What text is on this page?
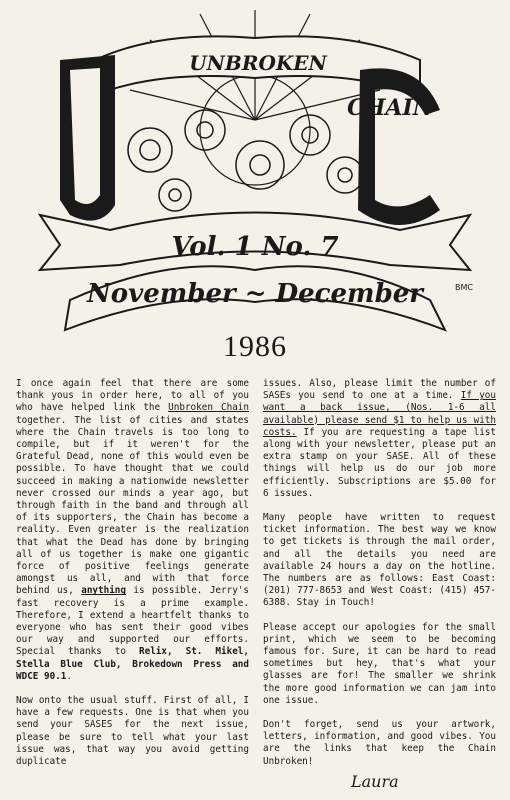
UNBROKEN
CHAIN
Vol. 1 No. 7
November ~ December	BMC
1986

I once again feel that there are some thank yous in order here, to all of you who have helped link the Unbroken Chain together. The list of cities and states where the Chain travels is too long to compile, but if it weren't for the Grateful Dead, none of this would even be possible. To have thought that we could succeed in making a nationwide newsletter never crossed our minds a year ago, but through faith in the band and through all of its supporters, the Chain has become a reality. Even greater is the realization that what the Dead has done by bringing all of us together is make one gigantic force of positive feelings generate amongst us all, and with that force behind us, anything is possible. Jerry's fast recovery is a prime example. Therefore, I extend a heartfelt thanks to everyone who has sent their good vibes our way and supported our efforts. Special thanks to Relix, St. Mikel, Stella Blue Club, Brokedown Press and WDCE 90.1.

Now onto the usual stuff. First of all, I have a few requests. One is that when you send your SASES for the next issue, please be sure to tell what your last issue was, that way you avoid getting duplicate

issues. Also, please limit the number of SASEs you send to one at a time. If you want a back issue, (Nos. 1-6 all available) please send $1 to help us with costs. If you are requesting a tape list along with your newsletter, please put an extra stamp on your SASE. All of these things will help us do our job more efficiently. Subscriptions are $5.00 for 6 issues.

Many people have written to request ticket information. The best way we know to get tickets is through the mail order, and all the details you need are available 24 hours a day on the hotline. The numbers are as follows: East Coast: (201) 777-8653 and West Coast: (415) 457-6388. Stay in Touch!

Please accept our apologies for the small print, which we seem to be becoming famous for. Sure, it can be hard to read sometimes but hey, that's what your glasses are for! The smaller we shrink the more good information we can jam into one issue.

Don't forget, send us your artwork, letters, information, and good vibes. You are the links that keep the Chain Unbroken!

Laura
